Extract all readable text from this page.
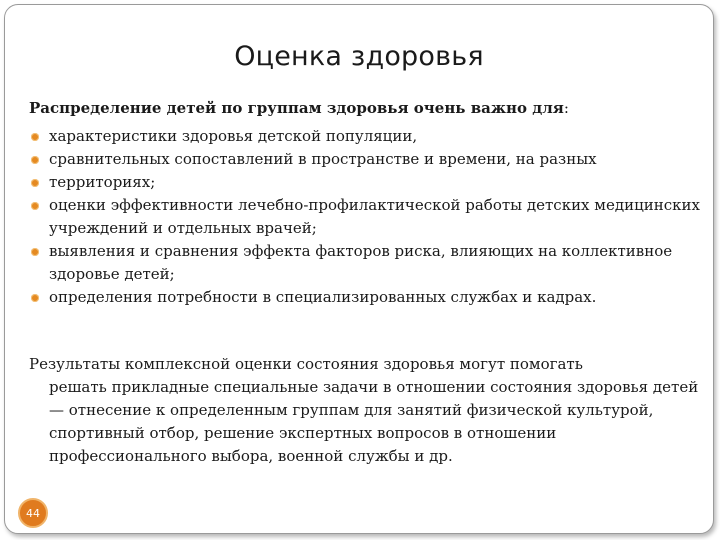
Оценка здоровья
Распределение детей по группам здоровья очень важно для:
характеристики здоровья детской популяции,
сравнительных сопоставлений в пространстве и времени, на разных
территориях;
оценки эффективности лечебно-профилактической работы детских медицинских учреждений и отдельных врачей;
выявления и сравнения эффекта факторов риска, влияющих на коллективное здоровье детей;
определения потребности в специализированных службах и кадрах.
Результаты комплексной оценки состояния здоровья могут помогать
решать прикладные специальные задачи в отношении состояния здоровья детей — отнесение к определенным группам для занятий физической культурой, спортивный отбор, решение экспертных вопросов в отношении профессионального выбора, военной службы и др.
44
